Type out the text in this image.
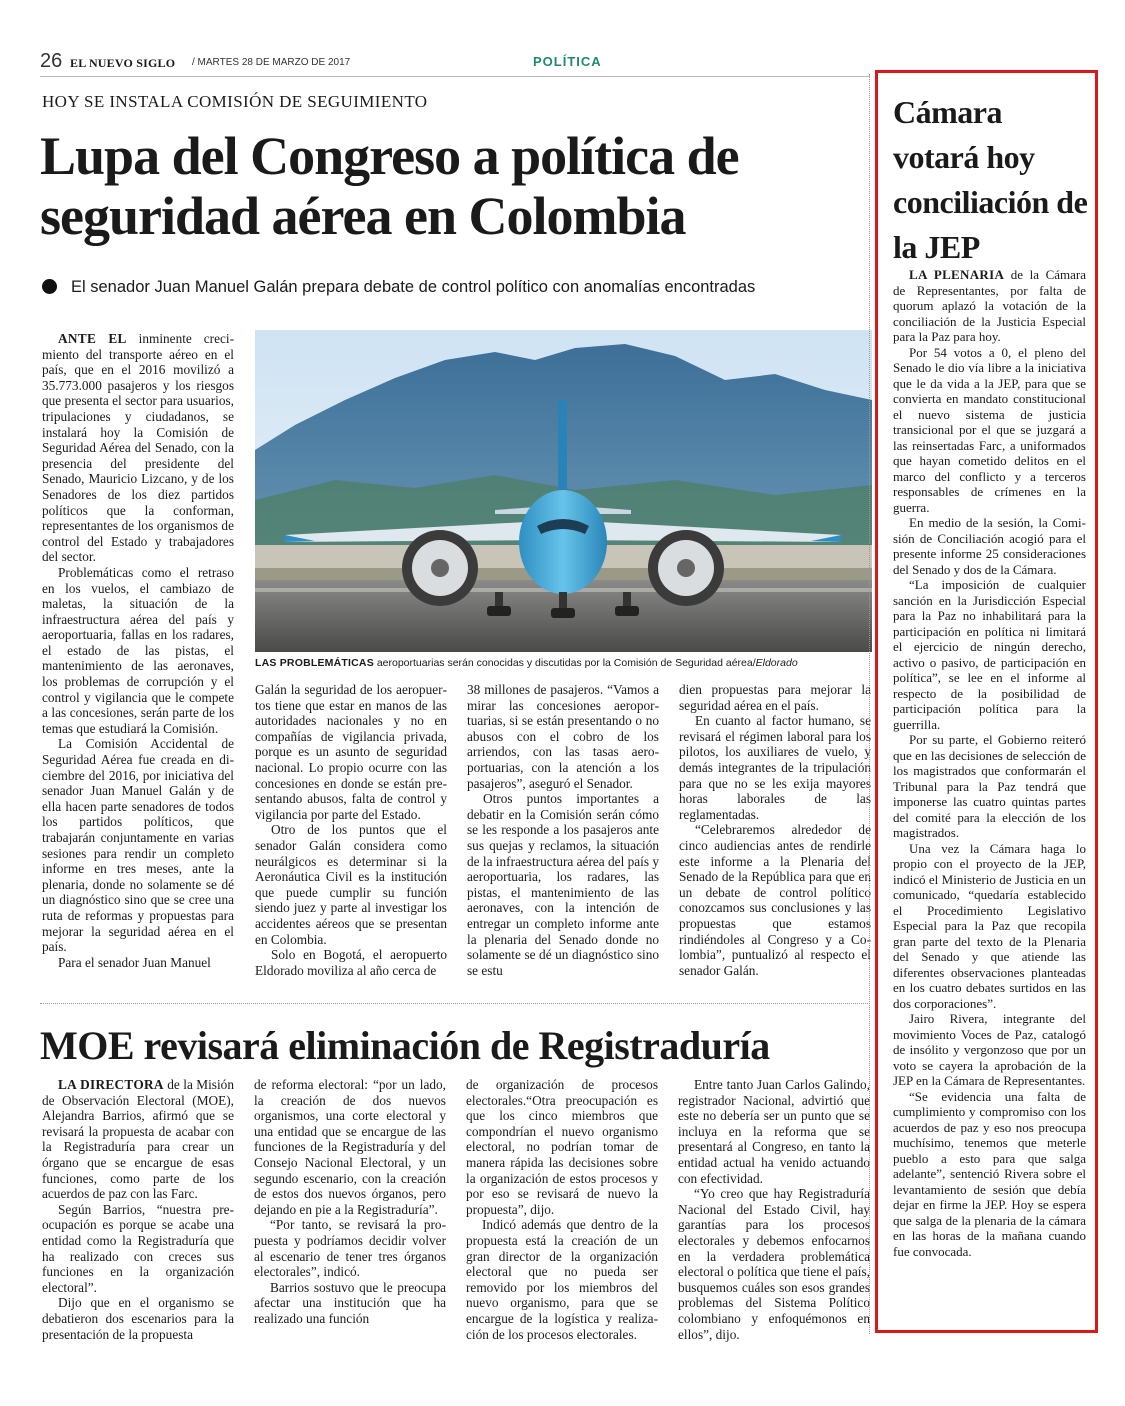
26 EL NUEVO SIGLO / MARTES 28 DE MARZO DE 2017	POLÍTICA
HOY SE INSTALA COMISIÓN DE SEGUIMIENTO
Lupa del Congreso a política de seguridad aérea en Colombia
El senador Juan Manuel Galán prepara debate de control político con anomalías encontradas

ANTE EL inminente crecimiento del transporte aéreo en el país, que en el 2016 movilizó a 35.773.000 pasajeros y los riesgos que presenta el sector para usuarios, tripulaciones y ciudadanos, se instalará hoy la Comisión de Seguridad Aérea del Senado, con la presencia del presidente del Senado, Mauricio Lizcano, y de los Senadores de los diez partidos políticos que la conforman, representantes de los organismos de control del Estado y trabajadores del sector.

Problemáticas como el retraso en los vuelos, el cambiazo de maletas, la situación de la infraestructura aérea del país y aeroportuaria, fallas en los radares, el estado de las pistas, el mantenimiento de las aeronaves, los problemas de corrupción y el control y vigilancia que le compete a las concesiones, serán parte de los temas que estudiará la Comisión.

La Comisión Accidental de Seguridad Aérea fue creada en diciembre del 2016, por iniciativa del senador Juan Manuel Galán y de ella hacen parte senadores de todos los partidos políticos, que trabajarán conjuntamente en varias sesiones para rendir un completo informe en tres meses, ante la plenaria, donde no solamente se dé un diagnóstico sino que se cree una ruta de reformas y propuestas para mejorar la seguridad aérea en el país.

Para el senador Juan Manuel

LAS PROBLEMÁTICAS aeroportuarias serán conocidas y discutidas por la Comisión de Seguridad aérea/Eldorado

Galán la seguridad de los aeropuertos tiene que estar en manos de las autoridades nacionales y no en compañías de vigilancia privada, porque es un asunto de seguridad nacional. Lo propio ocurre con las concesiones en donde se están presentando abusos, falta de control y vigilancia por parte del Estado.

Otro de los puntos que el senador Galán considera como neurálgicos es determinar si la Aeronáutica Civil es la institución que puede cumplir su función siendo juez y parte al investigar los accidentes aéreos que se presentan en Colombia.

Solo en Bogotá, el aeropuerto Eldorado moviliza al año cerca de

38 millones de pasajeros. “Vamos a mirar las concesiones aeroportuarias, si se están presentando o no abusos con el cobro de los arriendos, con las tasas aeroportuarias, con la atención a los pasajeros”, aseguró el Senador.

Otros puntos importantes a debatir en la Comisión serán cómo se les responde a los pasajeros ante sus quejas y reclamos, la situación de la infraestructura aérea del país y aeroportuaria, los radares, las pistas, el mantenimiento de las aeronaves, con la intención de entregar un completo informe ante la plenaria del Senado donde no solamente se dé un diagnóstico sino se estu

dien propuestas para mejorar la seguridad aérea en el país.

En cuanto al factor humano, se revisará el régimen laboral para los pilotos, los auxiliares de vuelo, y demás integrantes de la tripulación para que no se les exija mayores horas laborales de las reglamentadas.

“Celebraremos alrededor de cinco audiencias antes de rendirle este informe a la Plenaria del Senado de la República para que en un debate de control político conozcamos sus conclusiones y las propuestas que estamos rindiéndoles al Congreso y a Colombia”, puntualizó al respecto el senador Galán.

MOE revisará eliminación de Registraduría

LA DIRECTORA de la Misión de Observación Electoral (MOE), Alejandra Barrios, afirmó que se revisará la propuesta de acabar con la Registraduría para crear un órgano que se encargue de esas funciones, como parte de los acuerdos de paz con las Farc.

Según Barrios, “nuestra preocupación es porque se acabe una entidad como la Registraduría que ha realizado con creces sus funciones en la organización electoral”.

Dijo que en el organismo se debatieron dos escenarios para la presentación de la propuesta

de reforma electoral: “por un lado, la creación de dos nuevos organismos, una corte electoral y una entidad que se encargue de las funciones de la Registraduría y del Consejo Nacional Electoral, y un segundo escenario, con la creación de estos dos nuevos órganos, pero dejando en pie a la Registraduría”.

“Por tanto, se revisará la propuesta y podríamos decidir volver al escenario de tener tres órganos electorales”, indicó.

Barrios sostuvo que le preocupa afectar una institución que ha realizado una función

de organización de procesos electorales.“Otra preocupación es que los cinco miembros que compondrían el nuevo organismo electoral, no podrían tomar de manera rápida las decisiones sobre la organización de estos procesos y por eso se revisará de nuevo la propuesta”, dijo.

Indicó además que dentro de la propuesta está la creación de un gran director de la organización electoral que no pueda ser removido por los miembros del nuevo organismo, para que se encargue de la logística y realización de los procesos electorales.

Entre tanto Juan Carlos Galindo, registrador Nacional, advirtió que este no debería ser un punto que se incluya en la reforma que se presentará al Congreso, en tanto la entidad actual ha venido actuando con efectividad.

“Yo creo que hay Registraduría Nacional del Estado Civil, hay garantías para los procesos electorales y debemos enfocarnos en la verdadera problemática electoral o política que tiene el país, busquemos cuáles son esos grandes problemas del Sistema Político colombiano y enfoquémonos en ellos”, dijo.

Cámara votará hoy conciliación de la JEP

LA PLENARIA de la Cámara de Representantes, por falta de quorum aplazó la votación de la conciliación de la Justicia Especial para la Paz para hoy.

Por 54 votos a 0, el pleno del Senado le dio vía libre a la iniciativa que le da vida a la JEP, para que se convierta en mandato constitucional el nuevo sistema de justicia transicional por el que se juzgará a las reinsertadas Farc, a uniformados que hayan cometido delitos en el marco del conflicto y a terceros responsables de crímenes en la guerra.

En medio de la sesión, la Comisión de Conciliación acogió para el presente informe 25 consideraciones del Senado y dos de la Cámara.

“La imposición de cualquier sanción en la Jurisdicción Especial para la Paz no inhabilitará para la participación en política ni limitará el ejercicio de ningún derecho, activo o pasivo, de participación en política”, se lee en el informe al respecto de la posibilidad de participación política para la guerrilla.

Por su parte, el Gobierno reiteró que en las decisiones de selección de los magistrados que conformarán el Tribunal para la Paz tendrá que imponerse las cuatro quintas partes del comité para la elección de los magistrados.

Una vez la Cámara haga lo propio con el proyecto de la JEP, indicó el Ministerio de Justicia en un comunicado, “quedaría establecido el Procedimiento Legislativo Especial para la Paz que recopila gran parte del texto de la Plenaria del Senado y que atiende las diferentes observaciones planteadas en los cuatro debates surtidos en las dos corporaciones”.

Jairo Rivera, integrante del movimiento Voces de Paz, catalogó de insólito y vergonzoso que por un voto se cayera la aprobación de la JEP en la Cámara de Representantes.

“Se evidencia una falta de cumplimiento y compromiso con los acuerdos de paz y eso nos preocupa muchísimo, tenemos que meterle pueblo a esto para que salga adelante”, sentenció Rivera sobre el levantamiento de sesión que debía dejar en firme la JEP. Hoy se espera que salga de la plenaria de la cámara en las horas de la mañana cuando fue convocada.
